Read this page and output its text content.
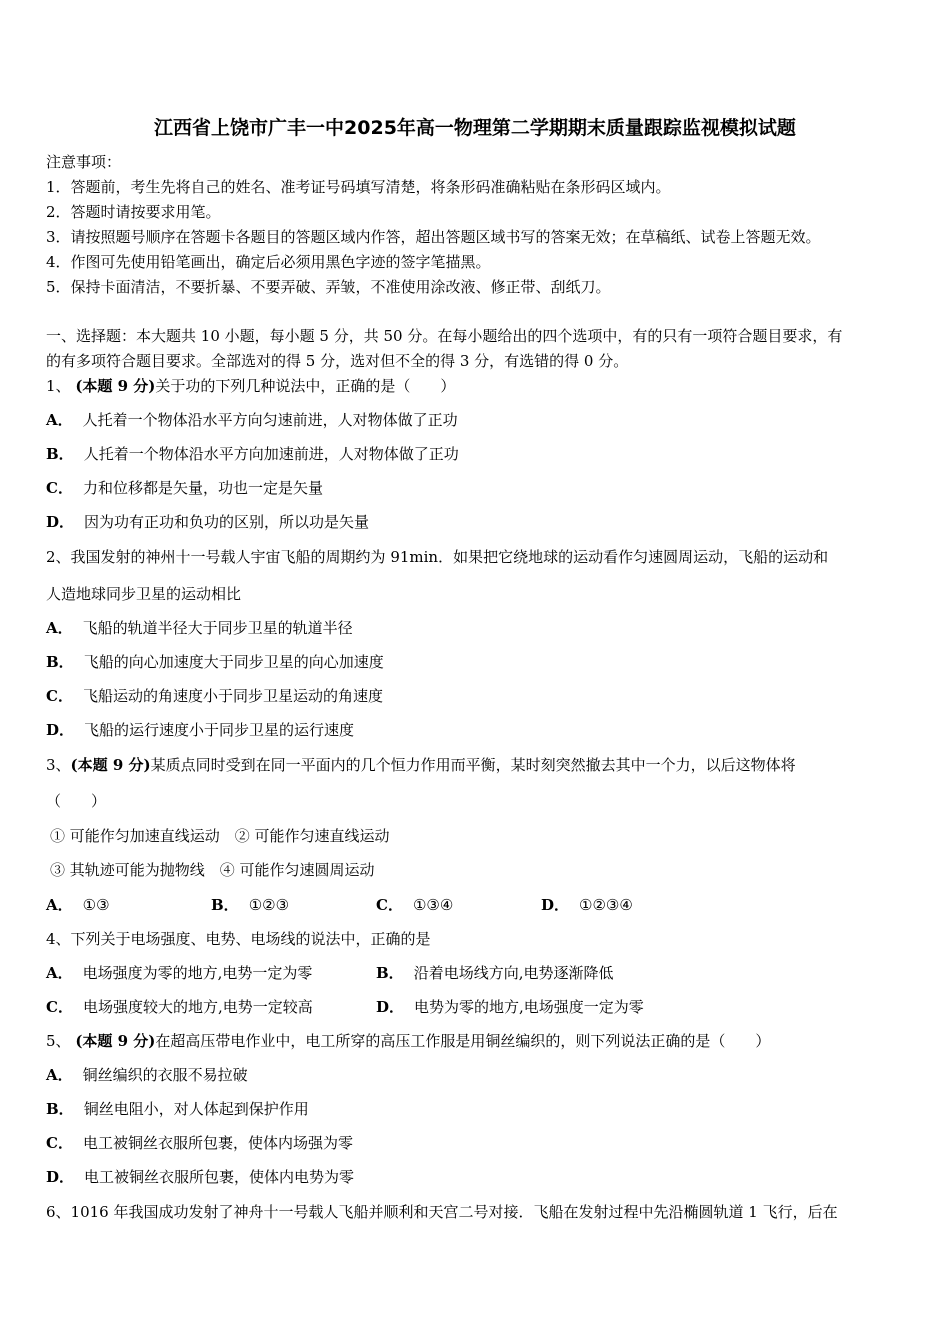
江西省上饶市广丰一中2025年高一物理第二学期期末质量跟踪监视模拟试题
注意事项：
1．答题前，考生先将自己的姓名、准考证号码填写清楚，将条形码准确粘贴在条形码区域内。
2．答题时请按要求用笔。
3．请按照题号顺序在答题卡各题目的答题区域内作答，超出答题区域书写的答案无效；在草稿纸、试卷上答题无效。
4．作图可先使用铅笔画出，确定后必须用黑色字迹的签字笔描黑。
5．保持卡面清洁，不要折暴、不要弄破、弄皱，不准使用涂改液、修正带、刮纸刀。
一、选择题：本大题共 10 小题，每小题 5 分，共 50 分。在每小题给出的四个选项中，有的只有一项符合题目要求，有
的有多项符合题目要求。全部选对的得 5 分，选对但不全的得 3 分，有选错的得 0 分。
1、 (本题 9 分)关于功的下列几种说法中，正确的是（　　）
A． 人托着一个物体沿水平方向匀速前进，人对物体做了正功
B． 人托着一个物体沿水平方向加速前进，人对物体做了正功
C． 力和位移都是矢量，功也一定是矢量
D． 因为功有正功和负功的区别，所以功是矢量
2、我国发射的神州十一号载人宇宙飞船的周期约为 91min．如果把它绕地球的运动看作匀速圆周运动，飞船的运动和
人造地球同步卫星的运动相比
A． 飞船的轨道半径大于同步卫星的轨道半径
B． 飞船的向心加速度大于同步卫星的向心加速度
C． 飞船运动的角速度小于同步卫星运动的角速度
D． 飞船的运行速度小于同步卫星的运行速度
3、(本题 9 分)某质点同时受到在同一平面内的几个恒力作用而平衡，某时刻突然撤去其中一个力，以后这物体将
（　　）
① 可能作匀加速直线运动　② 可能作匀速直线运动
③ 其轨迹可能为抛物线　④ 可能作匀速圆周运动
A． ①③	B． ①②③	C． ①③④	D． ①②③④
4、下列关于电场强度、电势、电场线的说法中，正确的是
A． 电场强度为零的地方,电势一定为零	B． 沿着电场线方向,电势逐渐降低
C． 电场强度较大的地方,电势一定较高	D． 电势为零的地方,电场强度一定为零
5、 (本题 9 分)在超高压带电作业中，电工所穿的高压工作服是用铜丝编织的，则下列说法正确的是（　　）
A． 铜丝编织的衣服不易拉破
B． 铜丝电阻小，对人体起到保护作用
C． 电工被铜丝衣服所包裹，使体内场强为零
D． 电工被铜丝衣服所包裹，使体内电势为零
6、1016 年我国成功发射了神舟十一号载人飞船并顺利和天宫二号对接．飞船在发射过程中先沿椭圆轨道 1 飞行，后在
